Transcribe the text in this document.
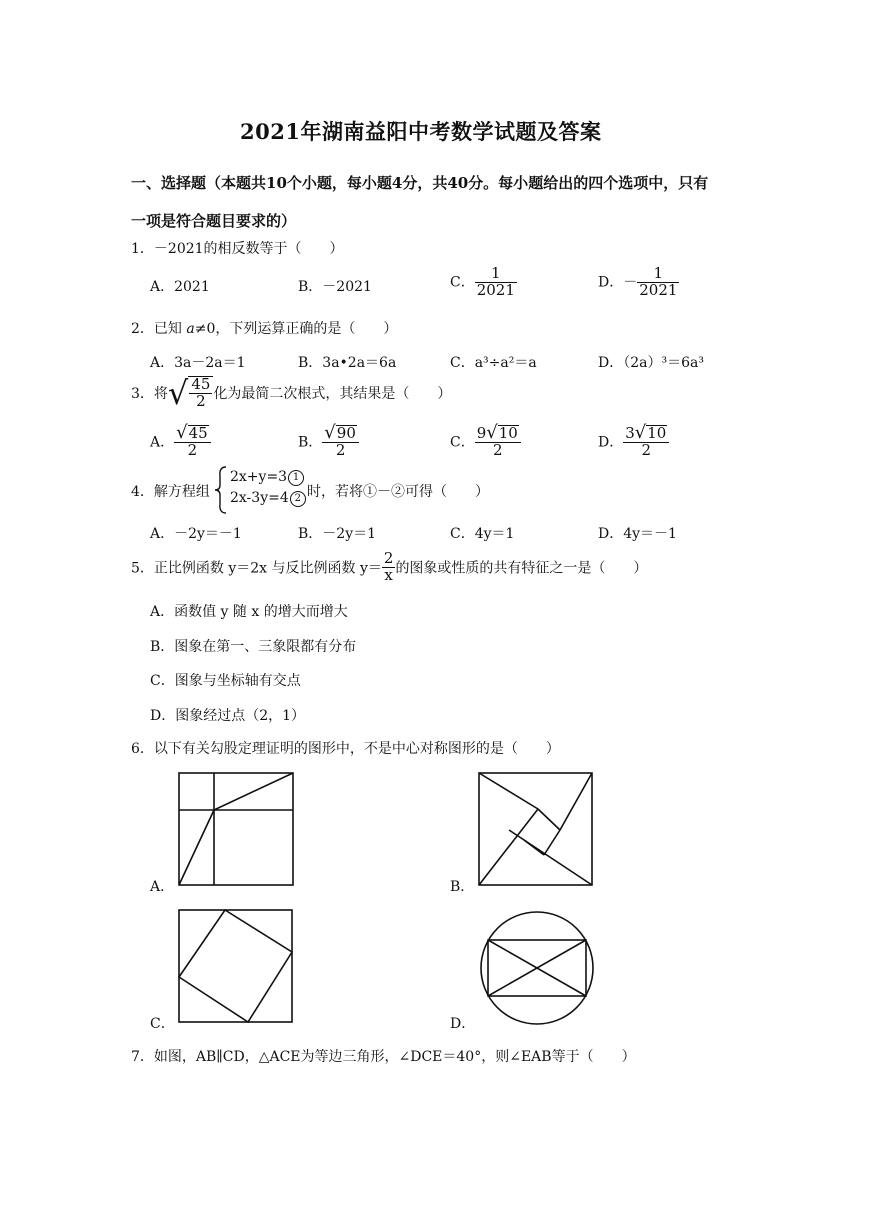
2021年湖南益阳中考数学试题及答案
一、选择题（本题共10个小题，每小题4分，共40分。每小题给出的四个选项中，只有
一项是符合题目要求的）
1．－2021的相反数等于（　　）
A．2021	B．－2021	C． $\frac{1}{2021}$	D．－ $\frac{1}{2021}$
2．已知 a≠0，下列运算正确的是（　　）
A．3a－2a＝1	B．3a•2a＝6a	C．a³÷a²＝a	D．（2a）³＝6a³
3．将√ $\frac{45}{2}$ 化为最简二次根式，其结果是（　　）
A． $\frac{√45}{2}$	B． $\frac{√90}{2}$	C． $\frac{9√10}{2}$	D． $\frac{3√10}{2}$
4．解方程组
2x+y=3 1
2x-3y=4 2 时，若将①－②可得（　　）
A．－2y＝－1	B．－2y＝1	C．4y＝1	D．4y＝－1
5．正比例函数 y＝2x 与反比例函数 $y= \frac{2}{x}$ 的图象或性质的共有特征之一是（　　）
A．函数值 y 随 x 的增大而增大
B．图象在第一、三象限都有分布
C．图象与坐标轴有交点
D．图象经过点（2，1）
6．以下有关勾股定理证明的图形中，不是中心对称图形的是（　　）
A．	B．
C．	D．
7．如图，AB∥CD，△ACE为等边三角形，∠DCE＝40°，则∠EAB等于（　　）
